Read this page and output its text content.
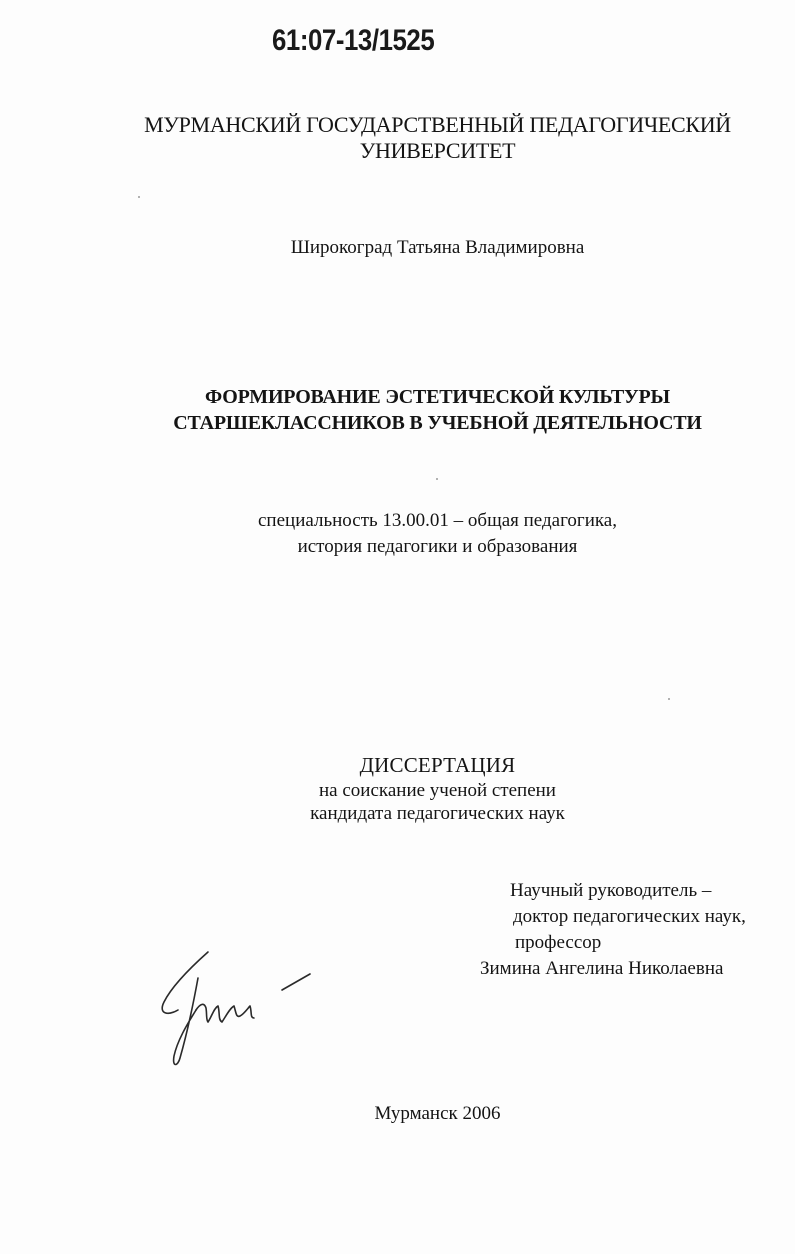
61:07-13/1525
МУРМАНСКИЙ ГОСУДАРСТВЕННЫЙ ПЕДАГОГИЧЕСКИЙ
УНИВЕРСИТЕТ
Широкоград Татьяна Владимировна
ФОРМИРОВАНИЕ ЭСТЕТИЧЕСКОЙ КУЛЬТУРЫ
СТАРШЕКЛАССНИКОВ В УЧЕБНОЙ ДЕЯТЕЛЬНОСТИ
специальность 13.00.01 – общая педагогика,
история педагогики и образования
ДИССЕРТАЦИЯ
на соискание ученой степени
кандидата педагогических наук
Научный руководитель –
доктор педагогических наук,
профессор
Зимина Ангелина Николаевна
Мурманск 2006
